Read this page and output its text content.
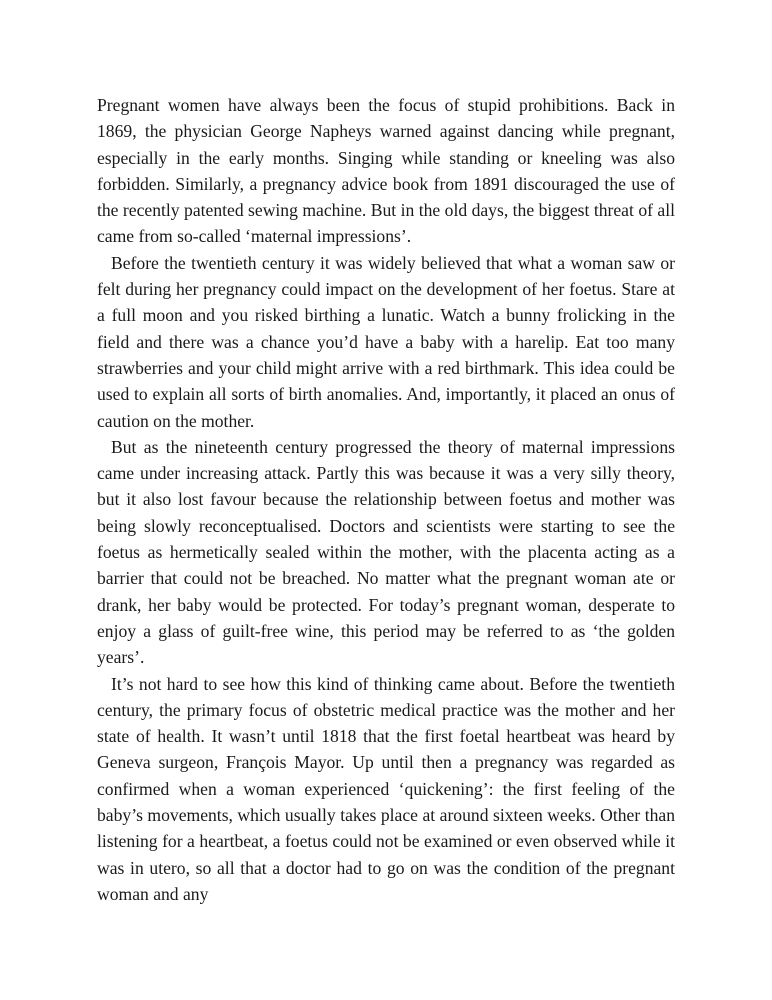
Pregnant women have always been the focus of stupid prohibitions. Back in 1869, the physician George Napheys warned against dancing while pregnant, especially in the early months. Singing while standing or kneeling was also forbidden. Similarly, a pregnancy advice book from 1891 discouraged the use of the recently patented sewing machine. But in the old days, the biggest threat of all came from so-called ‘maternal impressions’.

Before the twentieth century it was widely believed that what a woman saw or felt during her pregnancy could impact on the development of her foetus. Stare at a full moon and you risked birthing a lunatic. Watch a bunny frolicking in the field and there was a chance you’d have a baby with a harelip. Eat too many strawberries and your child might arrive with a red birthmark. This idea could be used to explain all sorts of birth anomalies. And, importantly, it placed an onus of caution on the mother.

But as the nineteenth century progressed the theory of maternal impressions came under increasing attack. Partly this was because it was a very silly theory, but it also lost favour because the relationship between foetus and mother was being slowly reconceptualised. Doctors and scientists were starting to see the foetus as hermetically sealed within the mother, with the placenta acting as a barrier that could not be breached. No matter what the pregnant woman ate or drank, her baby would be protected. For today’s pregnant woman, desperate to enjoy a glass of guilt-free wine, this period may be referred to as ‘the golden years’.

It’s not hard to see how this kind of thinking came about. Before the twentieth century, the primary focus of obstetric medical practice was the mother and her state of health. It wasn’t until 1818 that the first foetal heartbeat was heard by Geneva surgeon, François Mayor. Up until then a pregnancy was regarded as confirmed when a woman experienced ‘quickening’: the first feeling of the baby’s movements, which usually takes place at around sixteen weeks. Other than listening for a heartbeat, a foetus could not be examined or even observed while it was in utero, so all that a doctor had to go on was the condition of the pregnant woman and any
